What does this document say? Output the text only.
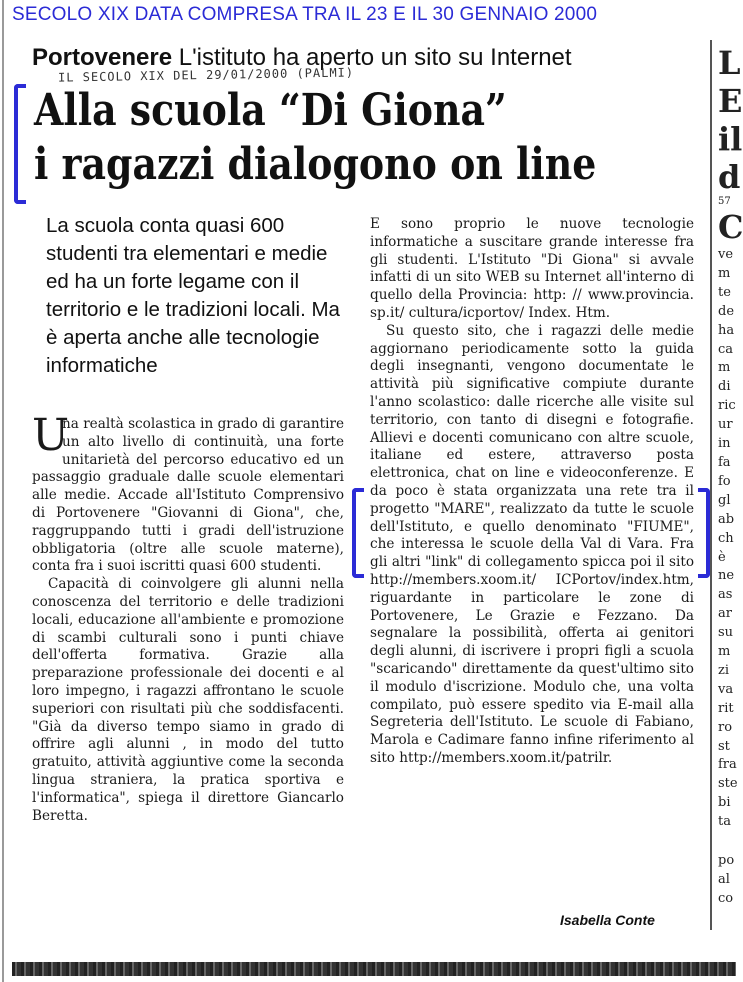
SECOLO XIX DATA COMPRESA TRA IL 23 E IL 30 GENNAIO 2000
Portovenere L'istituto ha aperto un sito su Internet
IL SECOLO XIX DEL 29/01/2000 (PALMI)
Alla scuola “Di Giona”
i ragazzi dialogono on line
La scuola conta quasi 600 studenti tra elementari e medie ed ha un forte legame con il territorio e le tradizioni locali. Ma è aperta anche alle tecnologie informatiche
U

na realtà scolastica in grado di garantire un alto livello di continuità, una forte unitarietà del percorso educativo ed un passaggio graduale dalle scuole elementari alle medie. Accade all'Istituto Comprensivo di Portovenere "Giovanni di Giona", che, raggruppando tutti i gradi dell'istruzione obbligatoria (oltre alle scuole materne), conta fra i suoi iscritti quasi 600 studenti.

Capacità di coinvolgere gli alunni nella conoscenza del territorio e delle tradizioni locali, educazione all'ambiente e promozione di scambi culturali sono i punti chiave dell'offerta formativa. Grazie alla preparazione professionale dei docenti e al loro impegno, i ragazzi affrontano le scuole superiori con risultati più che soddisfacenti. "Già da diverso tempo siamo in grado di offrire agli alunni , in modo del tutto gratuito, attività aggiuntive come la seconda lingua straniera, la pratica sportiva e l'informatica", spiega il direttore Giancarlo Beretta.

E sono proprio le nuove tecnologie informatiche a suscitare grande interesse fra gli studenti. L'Istituto "Di Giona" si avvale infatti di un sito WEB su Internet all'interno di quello della Provincia: http: // www.provincia. sp.it/ cultura/icportov/ Index. Htm.

Su questo sito, che i ragazzi delle medie aggiornano periodicamente sotto la guida degli insegnanti, vengono documentate le attività più significative compiute durante l'anno scolastico: dalle ricerche alle visite sul territorio, con tanto di disegni e fotografie. Allievi e docenti comunicano con altre scuole, italiane ed estere, attraverso posta elettronica, chat on line e videoconferenze. E da poco è stata organizzata una rete tra il progetto "MARE", realizzato da tutte le scuole dell'Istituto, e quello denominato "FIUME", che interessa le scuole della Val di Vara. Fra gli altri "link" di collegamento spicca poi il sito http://members.xoom.it/ ICPortov/index.htm, riguardante in particolare le zone di Portovenere, Le Grazie e Fezzano. Da segnalare la possibilità, offerta ai genitori degli alunni, di iscrivere i propri figli a scuola "scaricando" direttamente da quest'ultimo sito il modulo d'iscrizione. Modulo che, una volta compilato, può essere spedito via E-mail alla Segreteria dell'Istituto. Le scuole di Fabiano, Marola e Cadimare fanno infine riferimento al sito http://members.xoom.it/patrilr.

Isabella Conte
L
E
il
d
57
C
ve
m
te
de
ha
ca
m
di
ric
ur
in
fa
fo
gl
ab
ch
è
ne
as
ar
su
m
zi
va
rit
ro
st
fra
ste
bi
ta
po
al
co
